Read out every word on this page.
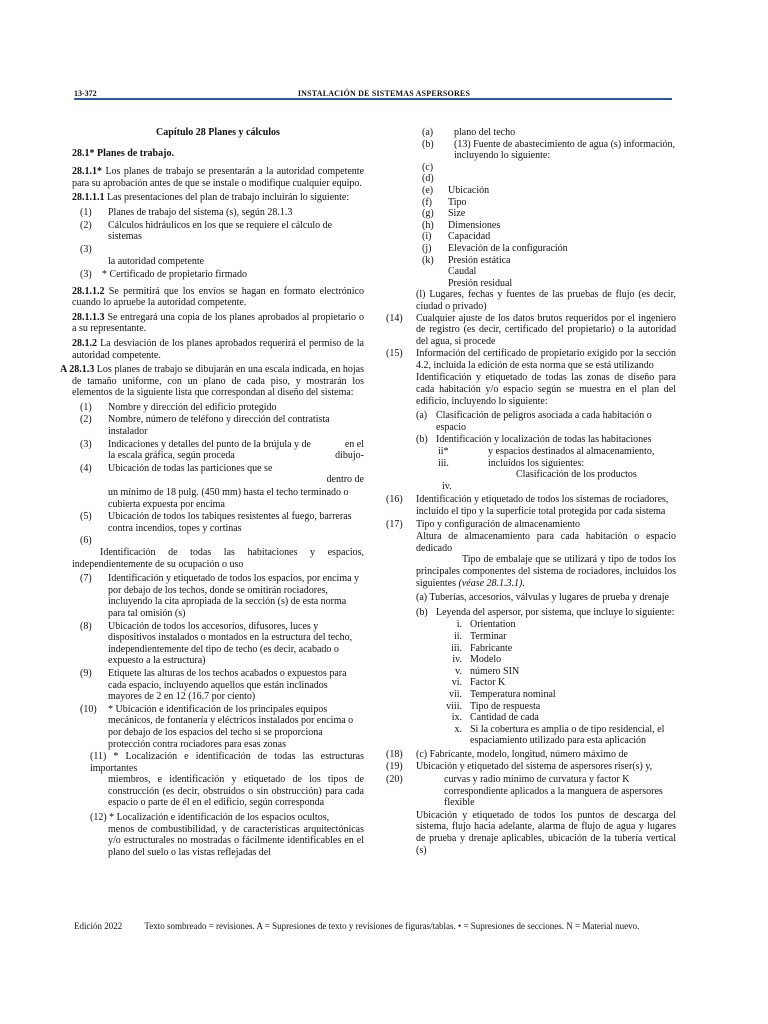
13-372	INSTALACIÓN DE SISTEMAS ASPERSORES

Capítulo 28 Planes y cálculos

28.1* Planes de trabajo.

28.1.1* Los planes de trabajo se presentarán a la autoridad competente para su aprobación antes de que se instale o modifique cualquier equipo.

28.1.1.1 Las presentaciones del plan de trabajo incluirán lo siguiente:

(1)	Planes de trabajo del sistema (s), según 28.1.3
(2)	Cálculos hidráulicos en los que se requiere el cálculo de sistemas
(3)
la autoridad competente
(3)	* Certificado de propietario firmado

28.1.1.2 Se permitirá que los envíos se hagan en formato electrónico cuando lo apruebe la autoridad competente.

28.1.1.3 Se entregará una copia de los planes aprobados al propietario o a su representante.

28.1.2 La desviación de los planes aprobados requerirá el permiso de la autoridad competente.

A 28.1.3 Los planes de trabajo se dibujarán en una escala indicada, en hojas de tamaño uniforme, con un plano de cada piso, y mostrarán los elementos de la siguiente lista que correspondan al diseño del sistema:

(1)	Nombre y dirección del edificio protegido
(2)	Nombre, número de teléfono y dirección del contratista instalador
(3)	Indicaciones y detalles del punto de la brújula y de	en el

la escala gráfica, según proceda	dibujo-
(4)	Ubicación de todas las particiones que se

dentro de
un mínimo de 18 pulg. (450 mm) hasta el techo terminado o cubierta expuesta por encima
(5)	Ubicación de todos los tabiques resistentes al fuego, barreras contra incendios, topes y cortinas
(6)

Identificación de todas las habitaciones y espacios, independientemente de su ocupación o uso

(7)	Identificación y etiquetado de todos los espacios, por encima y por debajo de los techos, donde se omitirán rociadores, incluyendo la cita apropiada de la sección (s) de esta norma para tal omisión (s)
(8)	Ubicación de todos los accesorios, difusores, luces y dispositivos instalados o montados en la estructura del techo, independientemente del tipo de techo (es decir, acabado o expuesto a la estructura)
(9)	Etiquete las alturas de los techos acabados o expuestos para cada espacio, incluyendo aquellos que están inclinados mayores de 2 en 12 (16.7 por ciento)
(10)	* Ubicación e identificación de los principales equipos mecánicos, de fontanería y eléctricos instalados por encima o por debajo de los espacios del techo si se proporciona protección contra rociadores para esas zonas

(11) * Localización e identificación de todas las estructuras importantes

miembros, e identificación y etiquetado de los tipos de construcción (es decir, obstruidos o sin obstrucción) para cada espacio o parte de él en el edificio, según corresponda

(12) * Localización e identificación de los espacios ocultos,

menos de combustibilidad, y de características arquitectónicas y/o estructurales no mostradas o fácilmente identificables en el plano del suelo o las vistas reflejadas del

(a)	plano del techo
(b)	(13) Fuente de abastecimiento de agua (s) información, incluyendo lo siguiente:
(c)
(d)
(e)	Ubicación
(f)	Tipo
(g)	Size
(h)	Dimensiones
(i)	Capacidad
(j)	Elevación de la configuración
(k)	Presión estática
Caudal
Presión residual

(l) Lugares, fechas y fuentes de las pruebas de flujo (es decir, ciudad o privado)

(14)	Cualquier ajuste de los datos brutos requeridos por el ingeniero de registro (es decir, certificado del propietario) o la autoridad del agua, si procede
(15)	Información del certificado de propietario exigido por la sección 4.2, incluida la edición de esta norma que se está utilizando

Identificación y etiquetado de todas las zonas de diseño para cada habitación y/o espacio según se muestra en el plan del edificio, incluyendo lo siguiente:

(a) Clasificación de peligros asociada a cada habitación o espacio
(b) Identificación y localización de todas las habitaciones
ii*	y espacios destinados al almacenamiento,
iii.	incluidos los siguientes:
Clasificación de los productos
iv.
(16)	Identificación y etiquetado de todos los sistemas de rociadores, incluido el tipo y la superficie total protegida por cada sistema
(17)	Tipo y configuración de almacenamiento

Altura de almacenamiento para cada habitación o espacio dedicado

Tipo de embalaje que se utilizará y tipo de todos los principales componentes del sistema de rociadores, incluidos los siguientes (véase 28.1.3.1).

(a) Tuberías, accesorios, válvulas y lugares de prueba y drenaje

(b) Leyenda del aspersor, por sistema, que incluye lo siguiente:
i. Orientation
ii. Terminar
iii. Fabricante
iv. Modelo
v. número SIN
vi. Factor K
vii. Temperatura nominal
viii. Tipo de respuesta
ix. Cantidad de cada
x. Si la cobertura es amplia o de tipo residencial, el espaciamiento utilizado para esta aplicación
(18)	(c) Fabricante, modelo, longitud, número máximo de
(19)	Ubicación y etiquetado del sistema de aspersores riser(s) y,
(20)	curvas y radio mínimo de curvatura y factor K correspondiente aplicados a la manguera de aspersores flexible

Ubicación y etiquetado de todos los puntos de descarga del sistema, flujo hacia adelante, alarma de flujo de agua y lugares de prueba y drenaje aplicables, ubicación de la tubería vertical (s)

Edición 2022 Texto sombreado = revisiones. A = Supresiones de texto y revisiones de figuras/tablas. • = Supresiones de secciones. N = Material nuevo.
